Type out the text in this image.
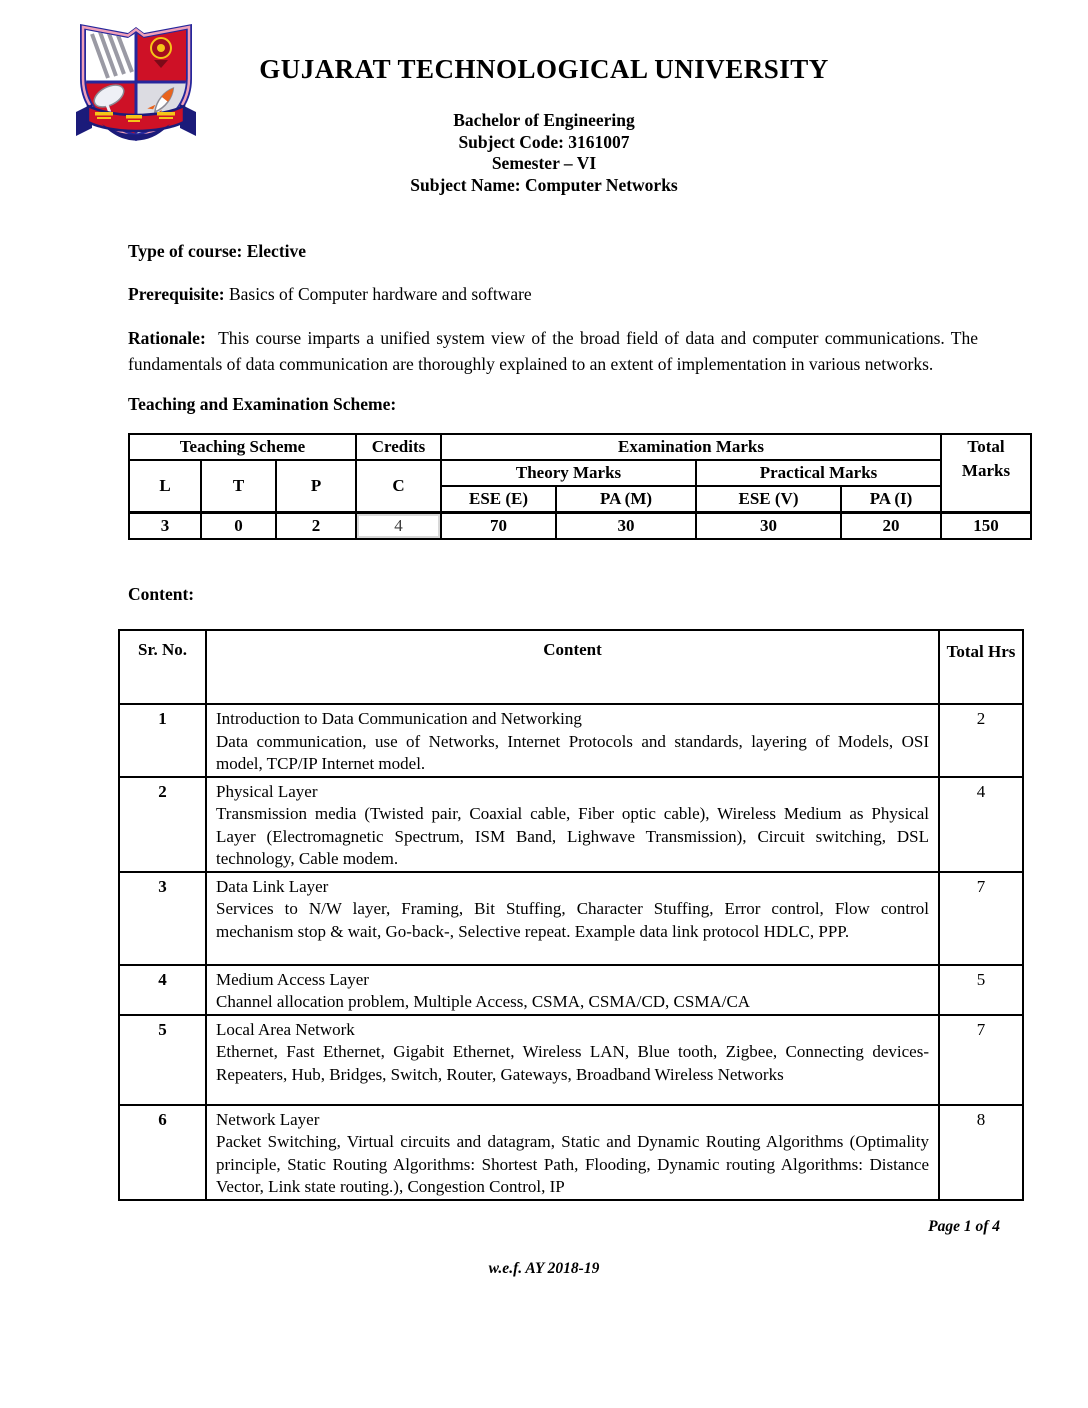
GUJARAT TECHNOLOGICAL UNIVERSITY
Bachelor of Engineering
Subject Code: 3161007
Semester – VI
Subject Name: Computer Networks
Type of course: Elective
Prerequisite: Basics of Computer hardware and software
Rationale: This course imparts a unified system view of the broad field of data and computer communications. The fundamentals of data communication are thoroughly explained to an extent of implementation in various networks.
Teaching and Examination Scheme:
Teaching Scheme			Credits	Examination Marks				Total Marks
L	T	P	C	Theory Marks		Practical Marks		
				ESE (E)	PA (M)	ESE (V)	PA (I)	
3	0	2	4	70	30	30	20	150
Content:
Sr. No.	Content	Total Hrs
1	Introduction to Data Communication and Networking
Data communication, use of Networks, Internet Protocols and standards, layering of Models, OSI model, TCP/IP Internet model.	2
2	Physical Layer
Transmission media (Twisted pair, Coaxial cable, Fiber optic cable), Wireless Medium as Physical Layer (Electromagnetic Spectrum, ISM Band, Lighwave Transmission), Circuit switching, DSL technology, Cable modem.	4
3	Data Link Layer
Services to N/W layer, Framing, Bit Stuffing, Character Stuffing, Error control, Flow control mechanism stop & wait, Go-back-, Selective repeat. Example data link protocol HDLC, PPP.	7
4	Medium Access Layer
Channel allocation problem, Multiple Access, CSMA, CSMA/CD, CSMA/CA	5
5	Local Area Network
Ethernet, Fast Ethernet, Gigabit Ethernet, Wireless LAN, Blue tooth, Zigbee, Connecting devices- Repeaters, Hub, Bridges, Switch, Router, Gateways, Broadband Wireless Networks	7
6	Network Layer
Packet Switching, Virtual circuits and datagram, Static and Dynamic Routing Algorithms (Optimality principle, Static Routing Algorithms: Shortest Path, Flooding, Dynamic routing Algorithms: Distance Vector, Link state routing.), Congestion Control, IP	8
Page 1 of 4
w.e.f. AY 2018-19
